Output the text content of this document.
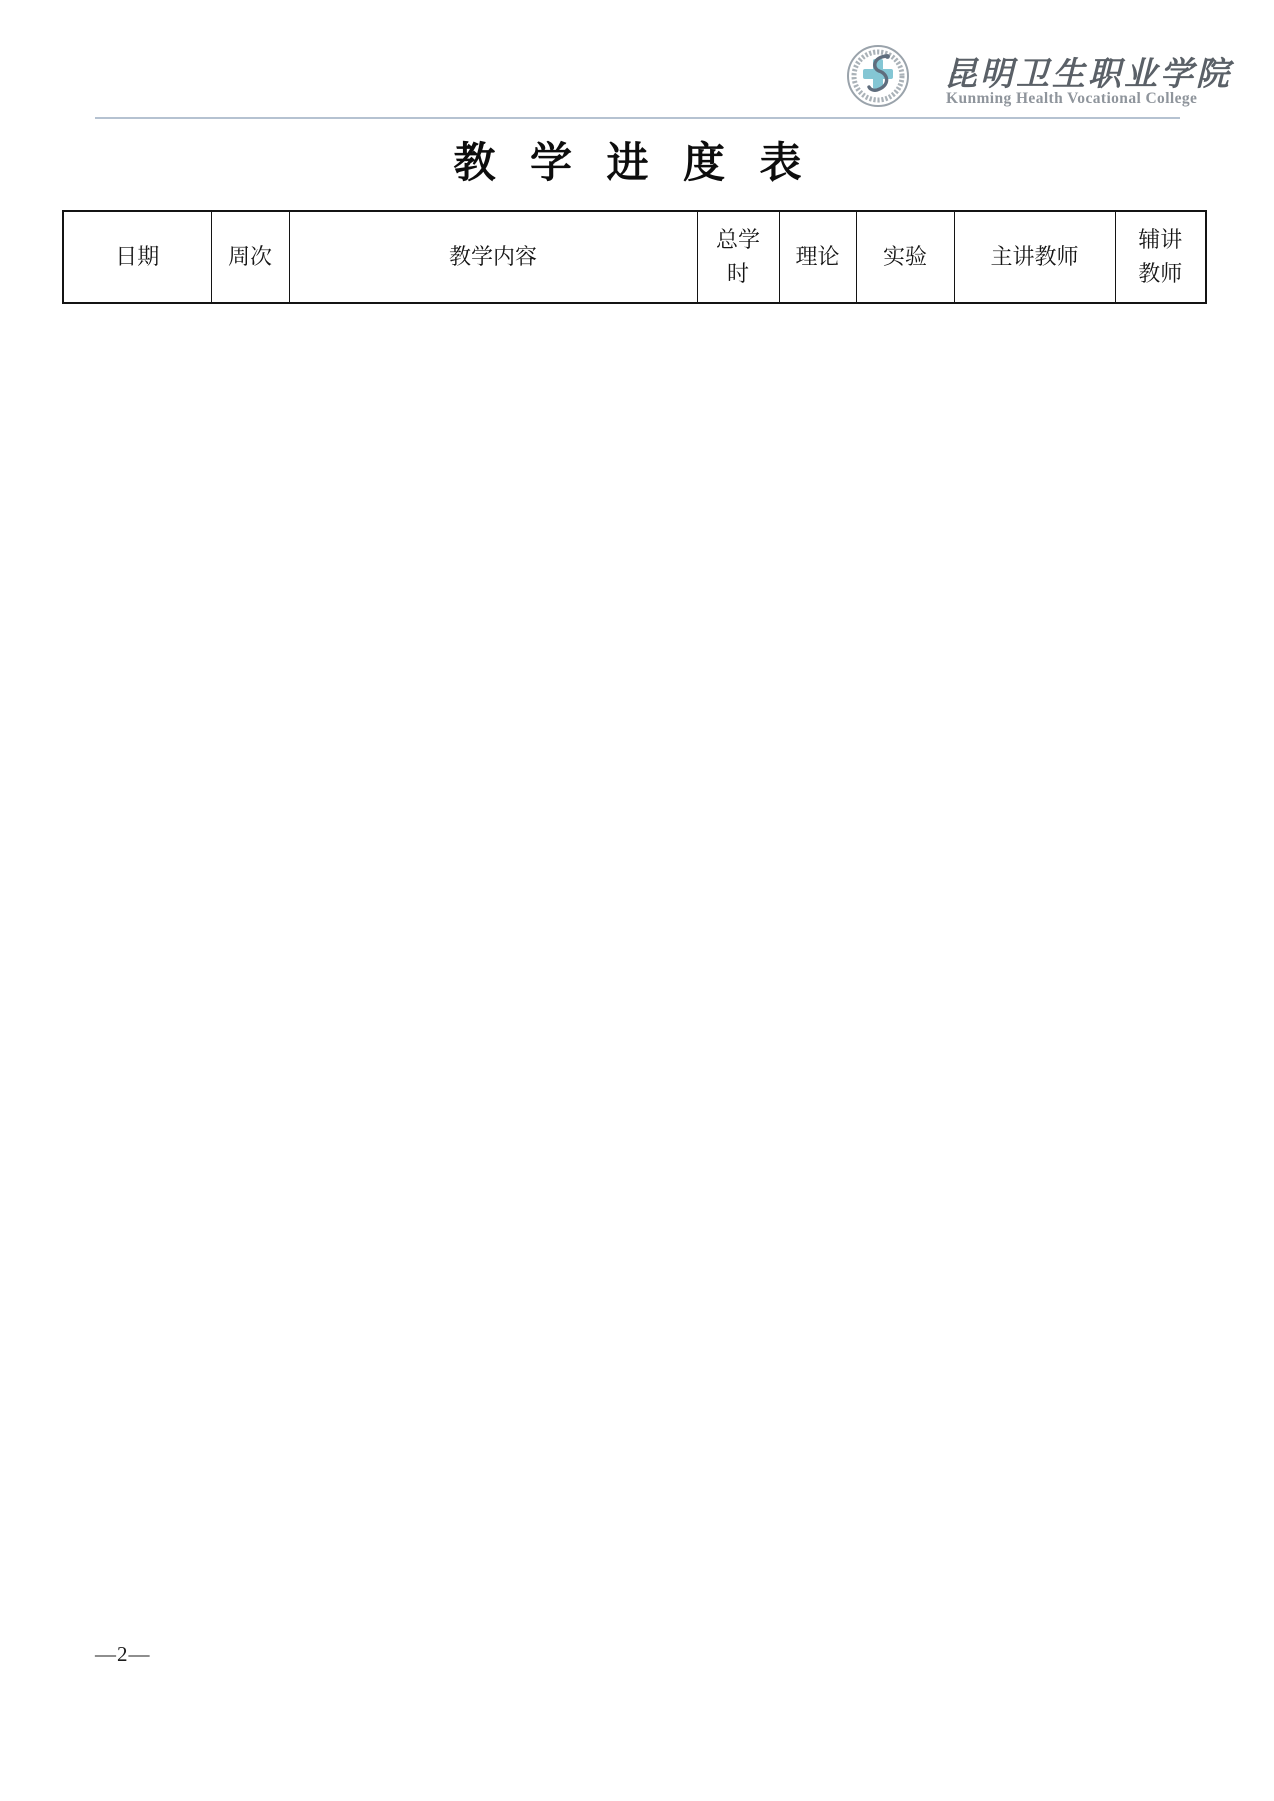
昆明卫生职业学院
Kunming Health Vocational College
教 学 进 度 表
日期	周次	教学内容	总学时	理论	实验	主讲教师	辅讲教师
—2—
